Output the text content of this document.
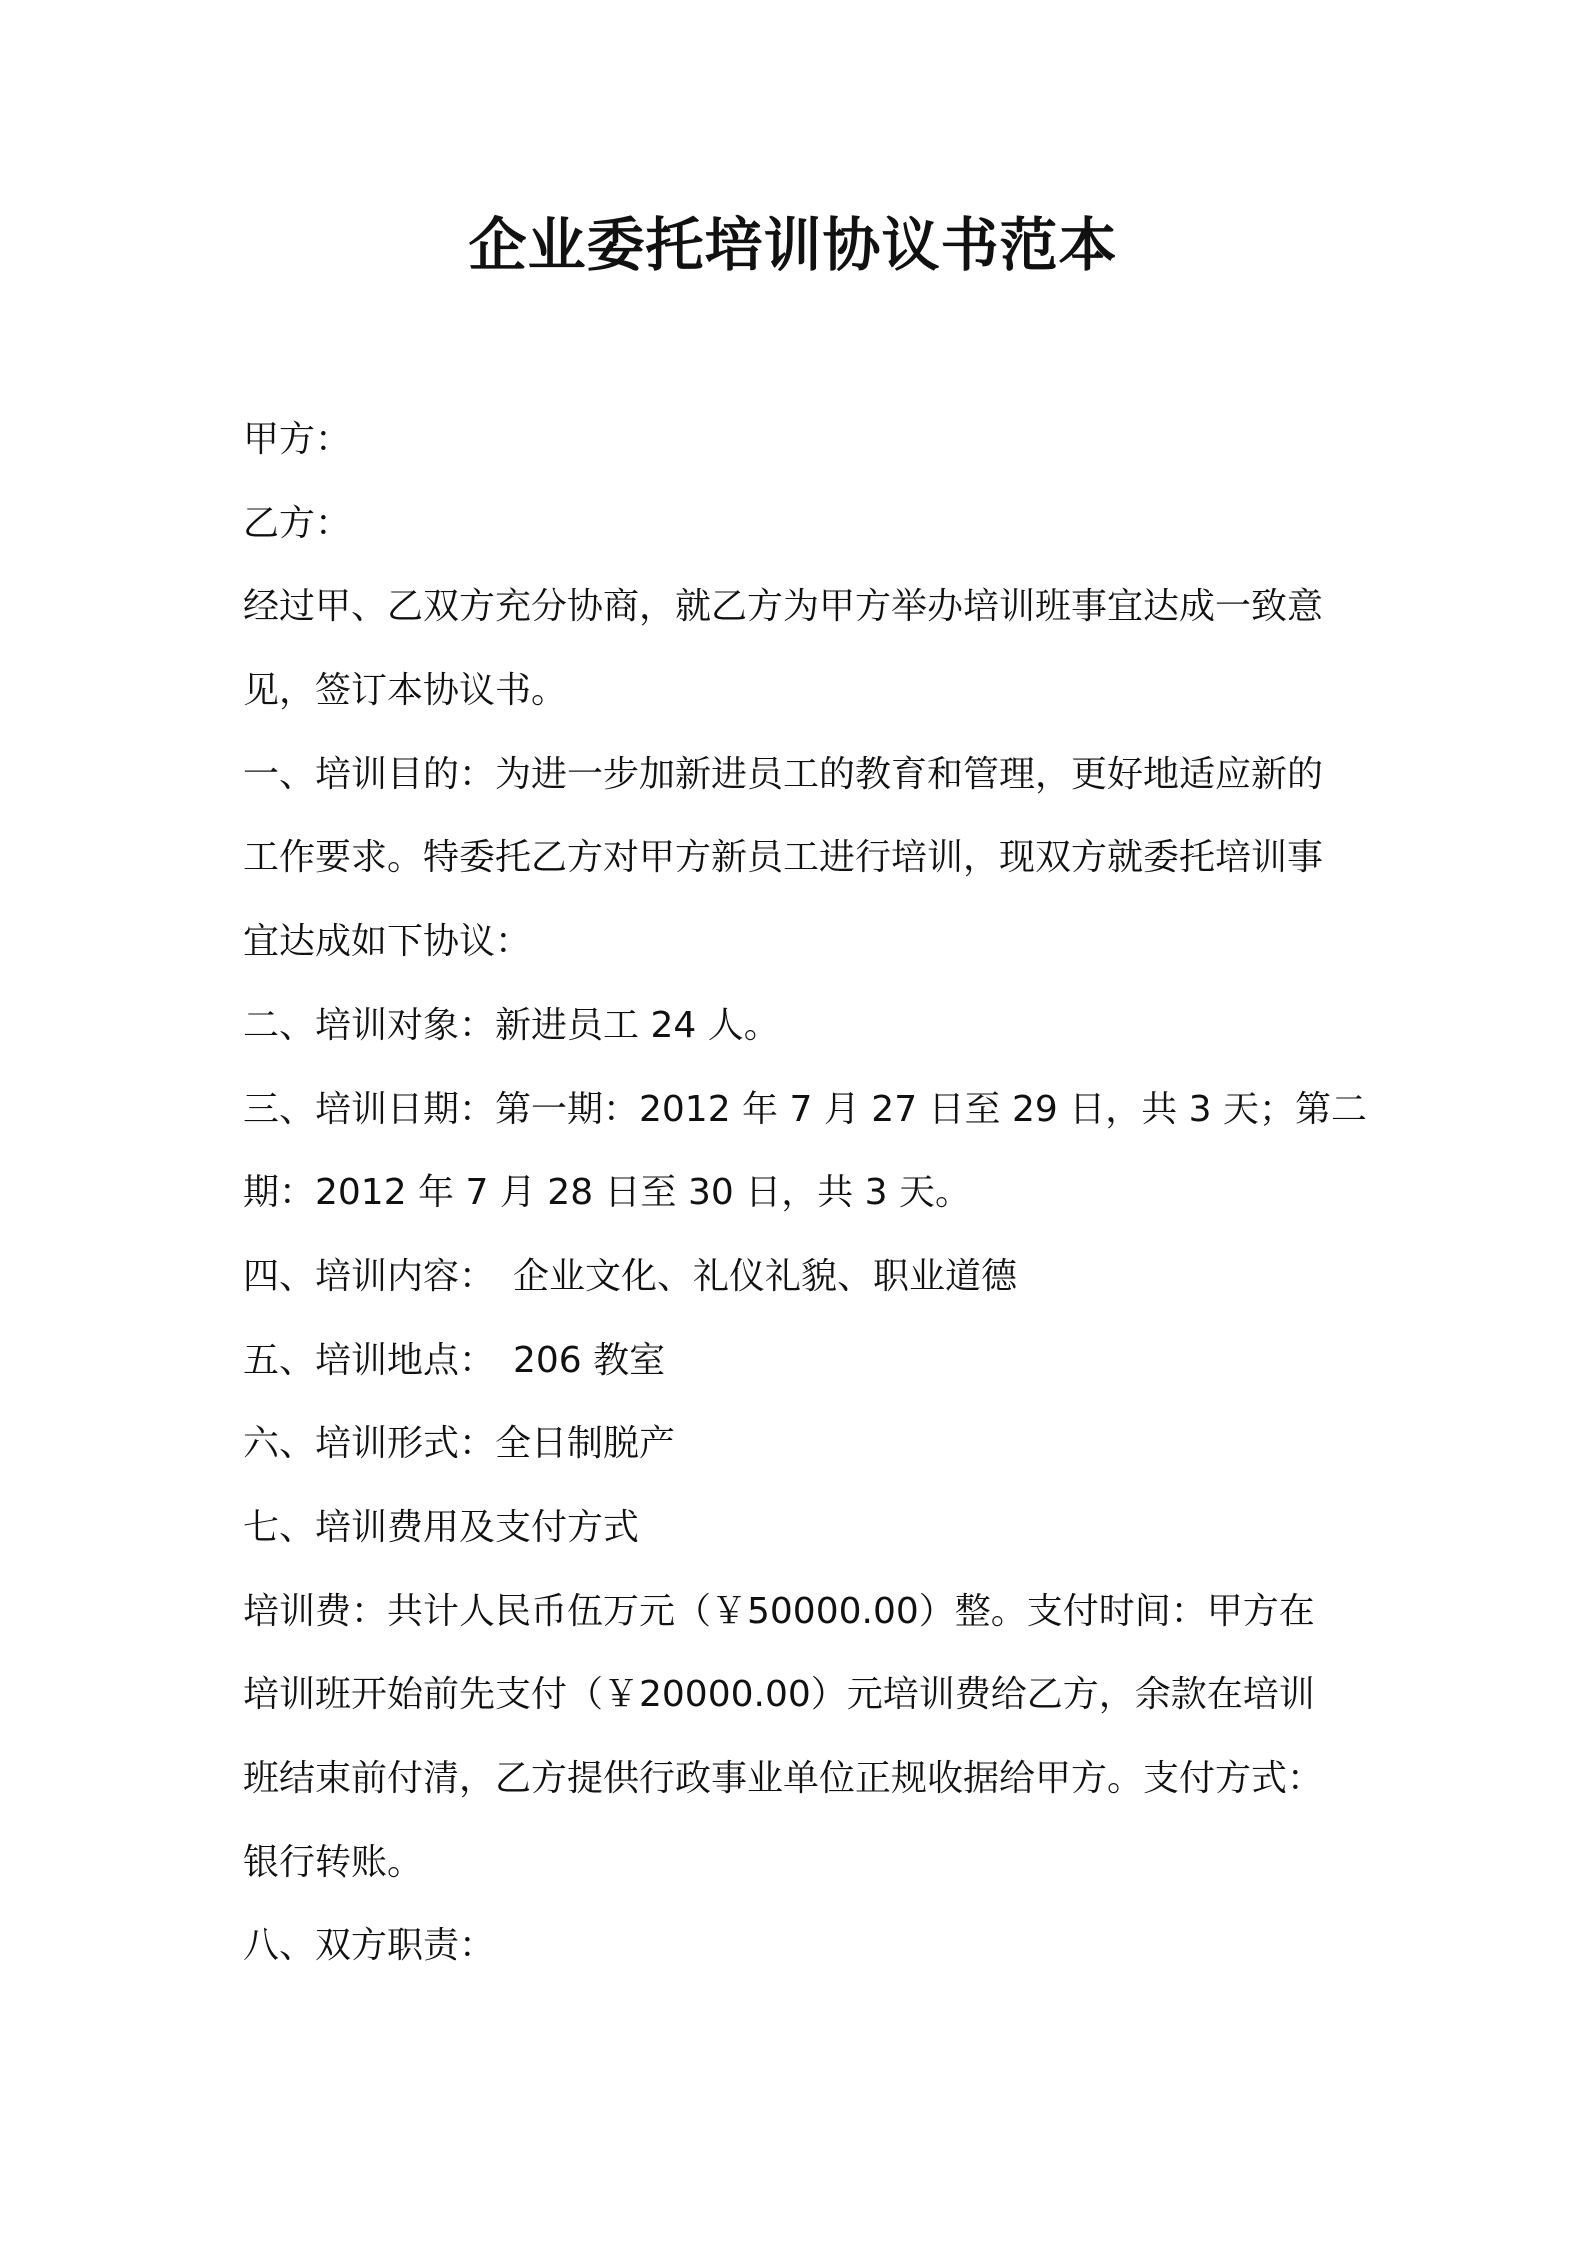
企业委托培训协议书范本

甲方：

乙方：

经过甲、乙双方充分协商，就乙方为甲方举办培训班事宜达成一致意

见，签订本协议书。

一、培训目的：为进一步加新进员工的教育和管理，更好地适应新的

工作要求。特委托乙方对甲方新员工进行培训，现双方就委托培训事

宜达成如下协议：

二、培训对象：新进员工 24 人。

三、培训日期：第一期：2012 年 7 月 27 日至 29 日，共 3 天；第二

期：2012 年 7 月 28 日至 30 日，共 3 天。

四、培训内容：　企业文化、礼仪礼貌、职业道德

五、培训地点：　206 教室

六、培训形式：全日制脱产

七、培训费用及支付方式

培训费：共计人民币伍万元（￥50000.00）整。支付时间：甲方在

培训班开始前先支付（￥20000.00）元培训费给乙方，余款在培训

班结束前付清，乙方提供行政事业单位正规收据给甲方。支付方式：

银行转账。

八、双方职责：
